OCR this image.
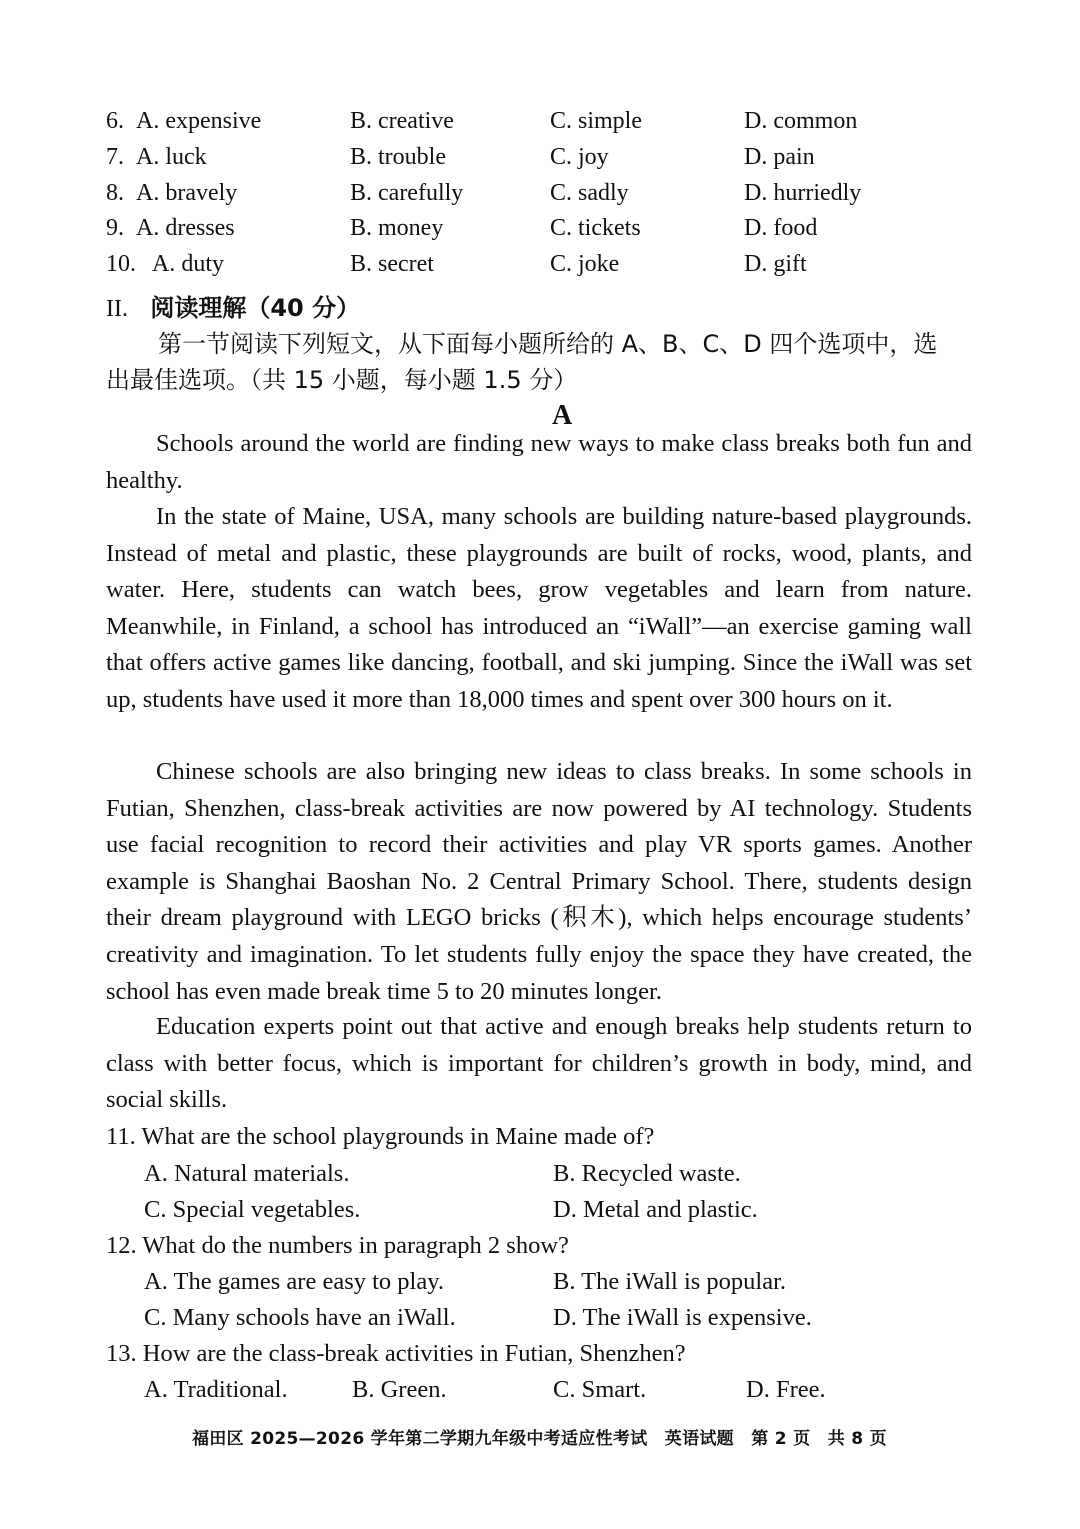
6. A. expensive	B. creative	C. simple	D. common
7. A. luck	B. trouble	C. joy	D. pain
8. A. bravely	B. carefully	C. sadly	D. hurriedly
9. A. dresses	B. money	C. tickets	D. food
10. A. duty	B. secret	C. joke	D. gift
II. 阅读理解（40 分）
第一节阅读下列短文，从下面每小题所给的 A、B、C、D 四个选项中，选
出最佳选项。（共 15 小题，每小题 1.5 分）
A

Schools around the world are finding new ways to make class breaks both fun and healthy.

In the state of Maine, USA, many schools are building nature-based playgrounds. Instead of metal and plastic, these playgrounds are built of rocks, wood, plants, and water. Here, students can watch bees, grow vegetables and learn from nature. Meanwhile, in Finland, a school has introduced an “iWall”—an exercise gaming wall that offers active games like dancing, football, and ski jumping. Since the iWall was set up, students have used it more than 18,000 times and spent over 300 hours on it.

Chinese schools are also bringing new ideas to class breaks. In some schools in Futian, Shenzhen, class-break activities are now powered by AI technology. Students use facial recognition to record their activities and play VR sports games. Another example is Shanghai Baoshan No. 2 Central Primary School. There, students design their dream playground with LEGO bricks (积木), which helps encourage students’ creativity and imagination. To let students fully enjoy the space they have created, the school has even made break time 5 to 20 minutes longer.

Education experts point out that active and enough breaks help students return to class with better focus, which is important for children’s growth in body, mind, and social skills.

11. What are the school playgrounds in Maine made of?
A. Natural materials.	B. Recycled waste.
C. Special vegetables.	D. Metal and plastic.
12. What do the numbers in paragraph 2 show?
A. The games are easy to play.	B. The iWall is popular.
C. Many schools have an iWall.	D. The iWall is expensive.
13. How are the class-break activities in Futian, Shenzhen?
A. Traditional.	B. Green.	C. Smart.	D. Free.
福田区 2025—2026 学年第二学期九年级中考适应性考试　英语试题　第 2 页　共 8 页
